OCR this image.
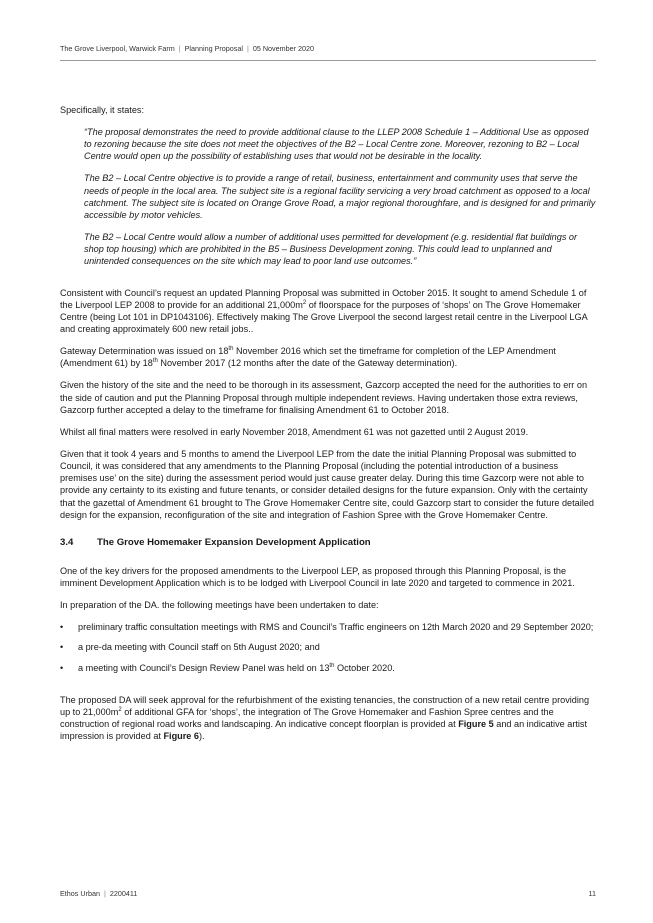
The Grove Liverpool, Warwick Farm | Planning Proposal | 05 November 2020

Specifically, it states:

“The proposal demonstrates the need to provide additional clause to the LLEP 2008 Schedule 1 – Additional Use as opposed to rezoning because the site does not meet the objectives of the B2 – Local Centre zone. Moreover, rezoning to B2 – Local Centre would open up the possibility of establishing uses that would not be desirable in the locality.

The B2 – Local Centre objective is to provide a range of retail, business, entertainment and community uses that serve the needs of people in the local area. The subject site is a regional facility servicing a very broad catchment as opposed to a local catchment. The subject site is located on Orange Grove Road, a major regional thoroughfare, and is designed for and primarily accessible by motor vehicles.

The B2 – Local Centre would allow a number of additional uses permitted for development (e.g. residential flat buildings or shop top housing) which are prohibited in the B5 – Business Development zoning. This could lead to unplanned and unintended consequences on the site which may lead to poor land use outcomes.”

Consistent with Council’s request an updated Planning Proposal was submitted in October 2015. It sought to amend Schedule 1 of the Liverpool LEP 2008 to provide for an additional $21,000m^2$ of floorspace for the purposes of ‘shops’ on The Grove Homemaker Centre (being Lot 101 in DP1043106). Effectively making The Grove Liverpool the second largest retail centre in the Liverpool LGA and creating approximately 600 new retail jobs..

Gateway Determination was issued on 18th November 2016 which set the timeframe for completion of the LEP Amendment (Amendment 61) by 18th November 2017 (12 months after the date of the Gateway determination).

Given the history of the site and the need to be thorough in its assessment, Gazcorp accepted the need for the authorities to err on the side of caution and put the Planning Proposal through multiple independent reviews. Having undertaken those extra reviews, Gazcorp further accepted a delay to the timeframe for finalising Amendment 61 to October 2018.

Whilst all final matters were resolved in early November 2018, Amendment 61 was not gazetted until 2 August 2019.

Given that it took 4 years and 5 months to amend the Liverpool LEP from the date the initial Planning Proposal was submitted to Council, it was considered that any amendments to the Planning Proposal (including the potential introduction of a business premises use’ on the site) during the assessment period would just cause greater delay. During this time Gazcorp were not able to provide any certainty to its existing and future tenants, or consider detailed designs for the future expansion. Only with the certainty that the gazettal of Amendment 61 brought to The Grove Homemaker Centre site, could Gazcorp start to consider the future detailed design for the expansion, reconfiguration of the site and integration of Fashion Spree with the Grove Homemaker Centre.

3.4 The Grove Homemaker Expansion Development Application

One of the key drivers for the proposed amendments to the Liverpool LEP, as proposed through this Planning Proposal, is the imminent Development Application which is to be lodged with Liverpool Council in late 2020 and targeted to commence in 2021.

In preparation of the DA. the following meetings have been undertaken to date:

• preliminary traffic consultation meetings with RMS and Council’s Traffic engineers on 12th March 2020 and 29 September 2020;
• a pre-da meeting with Council staff on 5th August 2020; and
• a meeting with Council’s Design Review Panel was held on 13th October 2020.

The proposed DA will seek approval for the refurbishment of the existing tenancies, the construction of a new retail centre providing up to $21,000m^2$ of additional GFA for ‘shops’, the integration of The Grove Homemaker and Fashion Spree centres and the construction of regional road works and landscaping. An indicative concept floorplan is provided at Figure 5 and an indicative artist impression is provided at Figure 6).

Ethos Urban | 2200411	11
